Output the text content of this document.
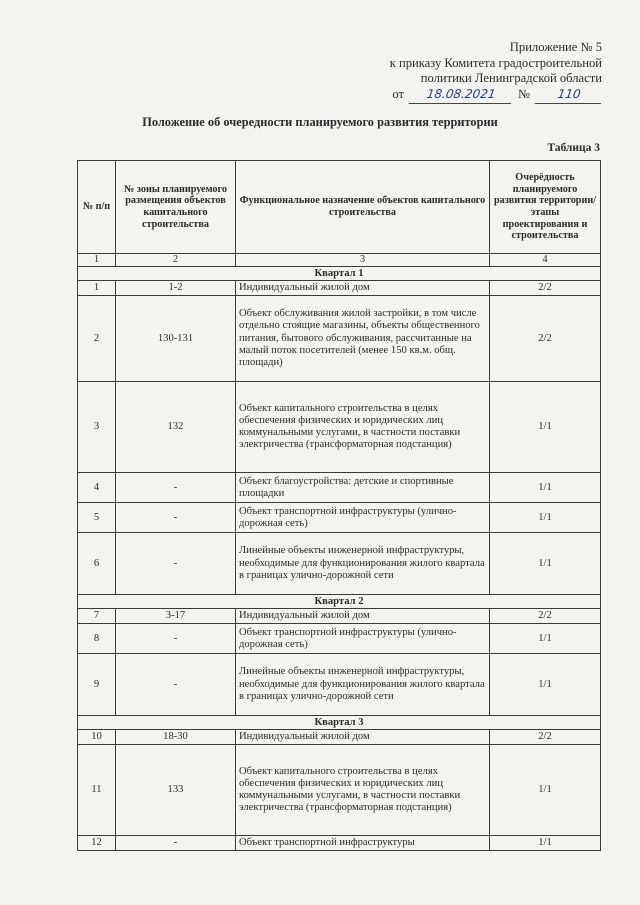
Приложение № 5
к приказу Комитета градостроительной
политики Ленинградской области
от	18.08.2021	№	110
Положение об очередности планируемого развития территории
Таблица 3
№ п/п	№ зоны планируемого размещения объектов капитального строительства	Функциональное назначение объектов капитального строительства	Очерёдность планируемого развития территории/этапы проектирования и строительства
1	2	3	4
Квартал 1			
1	1-2	Индивидуальный жилой дом	2/2
2	130-131	Объект обслуживания жилой застройки, в том числе отдельно стоящие магазины, объекты общественного питания, бытового обслуживания, рассчитанные на малый поток посетителей (менее 150 кв.м. общ. площади)	2/2
3	132	Объект капитального строительства в целях обеспечения физических и юридических лиц коммунальными услугами, в частности поставки электричества (трансформаторная подстанция)	1/1
4	-	Объект благоустройства: детские и спортивные площадки	1/1
5	-	Объект транспортной инфраструктуры (улично-дорожная сеть)	1/1
6	-	Линейные объекты инженерной инфраструктуры, необходимые для функционирования жилого квартала в границах улично-дорожной сети	1/1
Квартал 2			
7	3-17	Индивидуальный жилой дом	2/2
8	-	Объект транспортной инфраструктуры (улично-дорожная сеть)	1/1
9	-	Линейные объекты инженерной инфраструктуры, необходимые для функционирования жилого квартала в границах улично-дорожной сети	1/1
Квартал 3			
10	18-30	Индивидуальный жилой дом	2/2
11	133	Объект капитального строительства в целях обеспечения физических и юридических лиц коммунальными услугами, в частности поставки электричества (трансформаторная подстанция)	1/1
12	-	Объект транспортной инфраструктуры	1/1
